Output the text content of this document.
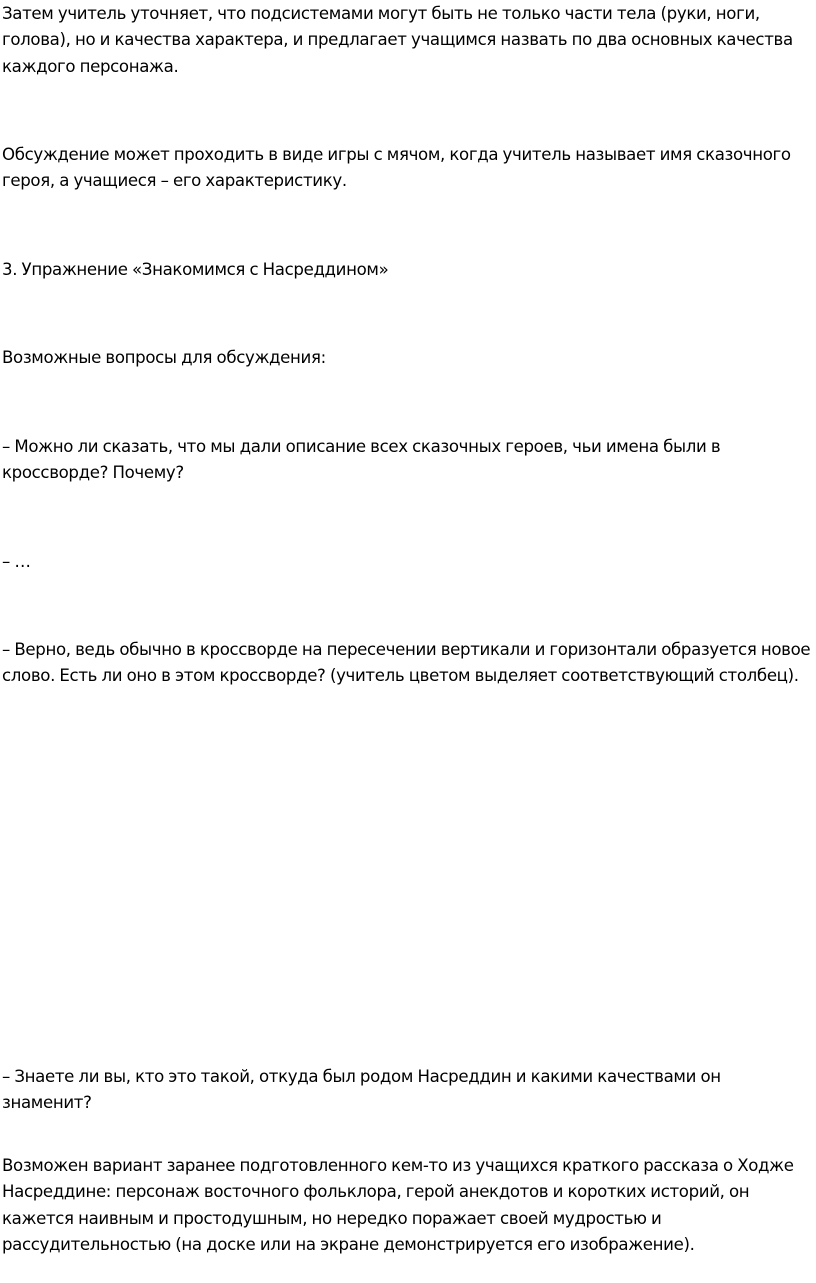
Затем учитель уточняет, что подсистемами могут быть не только части тела (руки, ноги, голова), но и качества характера, и предлагает учащимся назвать по два основных качества каждого персонажа.

Обсуждение может проходить в виде игры с мячом, когда учитель называет имя сказочного героя, а учащиеся – его характеристику.

3. Упражнение «Знакомимся с Насреддином»

Возможные вопросы для обсуждения:

– Можно ли сказать, что мы дали описание всех сказочных героев, чьи имена были в кроссворде? Почему?

– …

– Верно, ведь обычно в кроссворде на пересечении вертикали и горизонтали образуется новое слово. Есть ли оно в этом кроссворде? (учитель цветом выделяет соответствующий столбец).

– Знаете ли вы, кто это такой, откуда был родом Насреддин и какими качествами он знаменит?

Возможен вариант заранее подготовленного кем-то из учащихся краткого рассказа о Ходже Насреддине: персонаж восточного фольклора, герой анекдотов и коротких историй, он кажется наивным и простодушным, но нередко поражает своей мудростью и рассудительностью (на доске или на экране демонстрируется его изображение).
